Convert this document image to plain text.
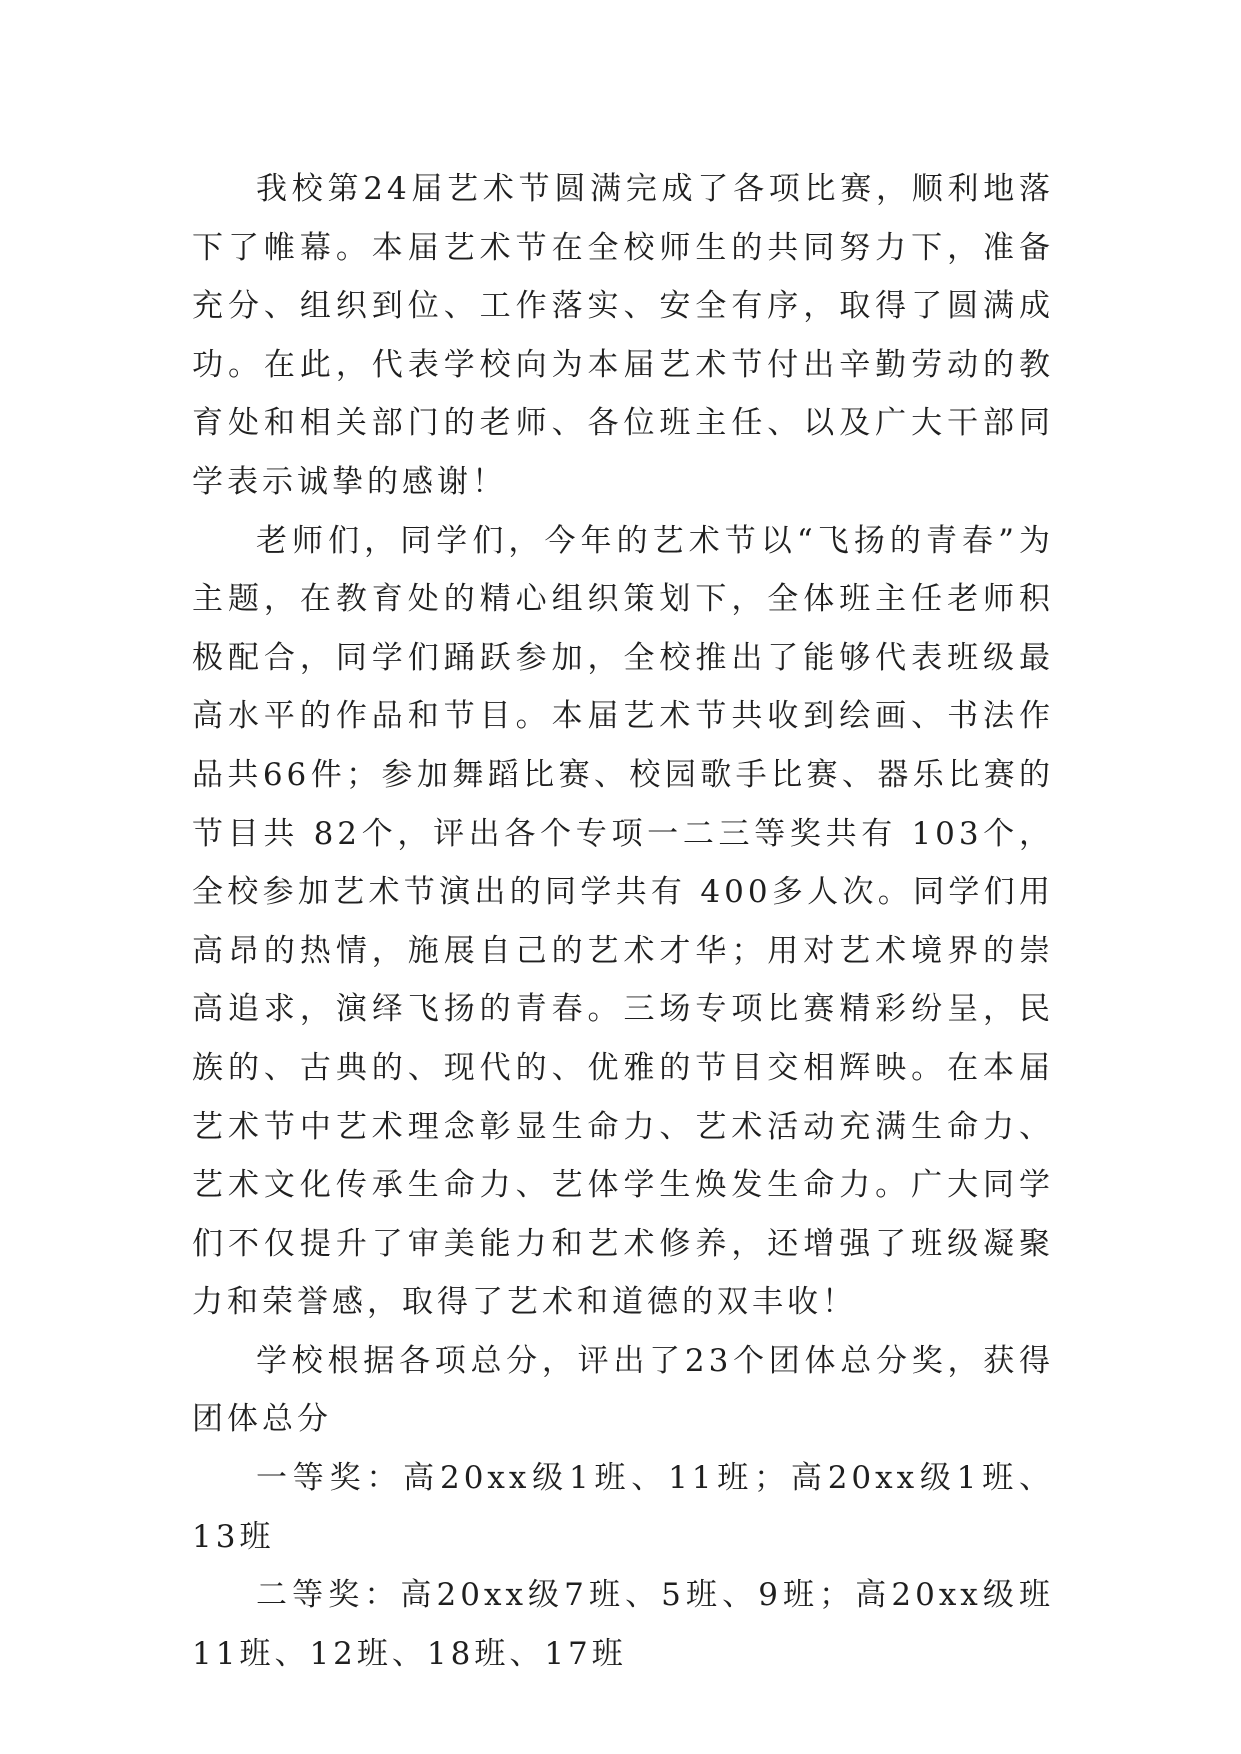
我校第24届艺术节圆满完成了各项比赛，顺利地落下了帷幕。本届艺术节在全校师生的共同努力下，准备充分、组织到位、工作落实、安全有序，取得了圆满成功。在此，代表学校向为本届艺术节付出辛勤劳动的教育处和相关部门的老师、各位班主任、以及广大干部同学表示诚挚的感谢！

老师们，同学们，今年的艺术节以“飞扬的青春”为主题，在教育处的精心组织策划下，全体班主任老师积极配合，同学们踊跃参加，全校推出了能够代表班级最高水平的作品和节目。本届艺术节共收到绘画、书法作品共66件；参加舞蹈比赛、校园歌手比赛、器乐比赛的节目共 82个，评出各个专项一二三等奖共有 103个，全校参加艺术节演出的同学共有 400多人次。同学们用高昂的热情，施展自己的艺术才华；用对艺术境界的崇高追求，演绎飞扬的青春。三场专项比赛精彩纷呈，民族的、古典的、现代的、优雅的节目交相辉映。在本届艺术节中艺术理念彰显生命力、艺术活动充满生命力、艺术文化传承生命力、艺体学生焕发生命力。广大同学们不仅提升了审美能力和艺术修养，还增强了班级凝聚力和荣誉感，取得了艺术和道德的双丰收！

学校根据各项总分，评出了23个团体总分奖，获得团体总分

一等奖：高20xx级1班、11班；高20xx级1班、13班

二等奖：高20xx级7班、5班、9班；高20xx级班11班、12班、18班、17班
